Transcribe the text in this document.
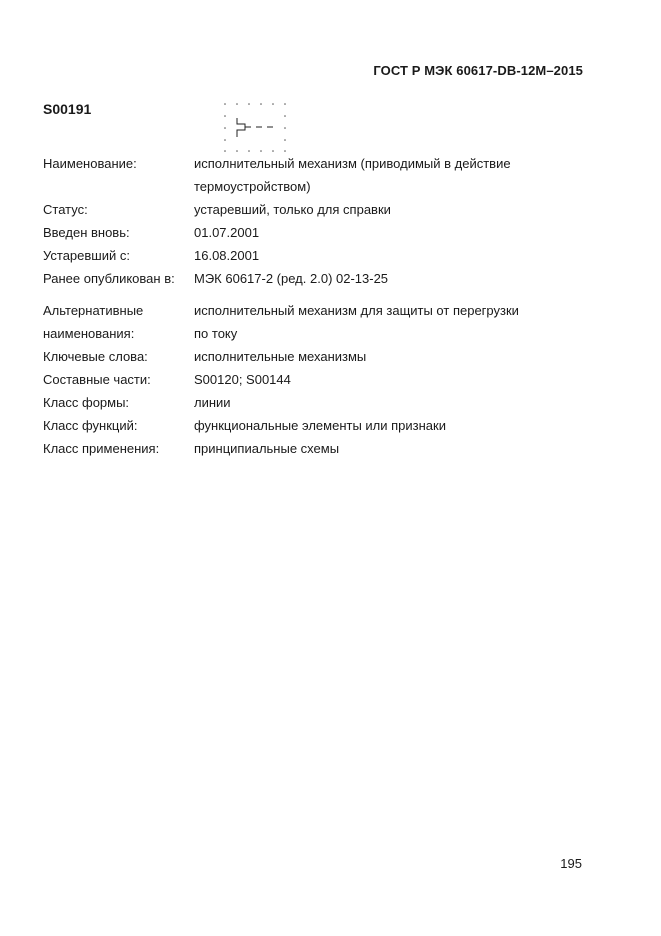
ГОСТ Р МЭК 60617-DB-12M–2015
S00191
Наименование:	исполнительный механизм (приводимый в действие
термоустройством)
Статус:	устаревший, только для справки
Введен вновь:	01.07.2001
Устаревший с:	16.08.2001
Ранее опубликован в:	МЭК 60617-2 (ред. 2.0) 02-13-25
Альтернативные	исполнительный механизм для защиты от перегрузки
наименования:	по току
Ключевые слова:	исполнительные механизмы
Составные части:	S00120; S00144
Класс формы:	линии
Класс функций:	функциональные элементы или признаки
Класс применения:	принципиальные схемы
195
